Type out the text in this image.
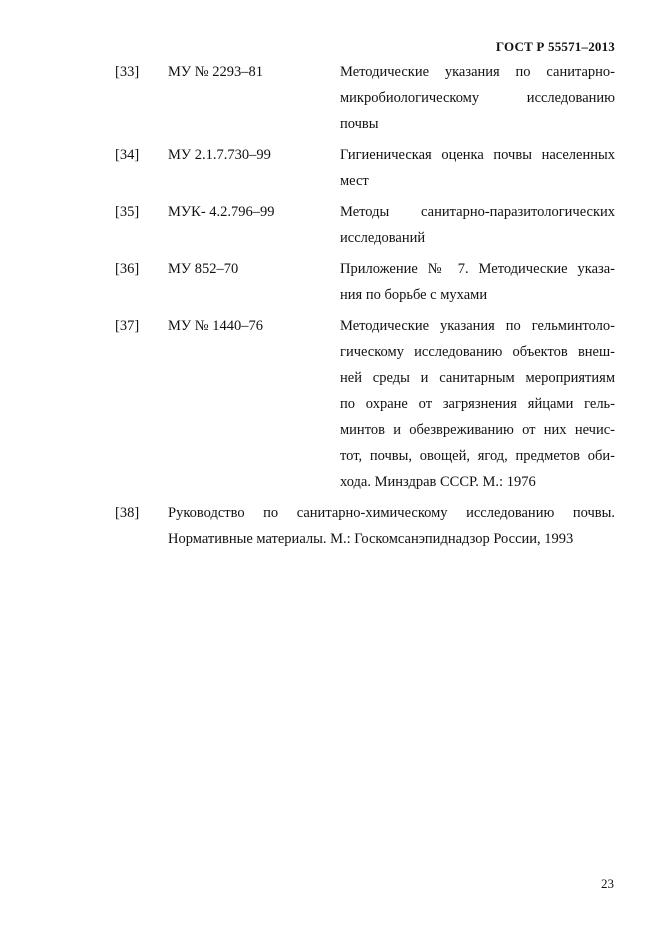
ГОСТ Р 55571–2013
[33]	МУ № 2293–81	Методические указания по санитарно-
микробиологическому исследованию
почвы
[34]	МУ 2.1.7.730–99	Гигиеническая оценка почвы населенных
мест
[35]	МУК- 4.2.796–99	Методы санитарно-паразитологических
исследований
[36]	МУ 852–70	Приложение № 7. Методические указа-
ния по борьбе с мухами
[37]	МУ № 1440–76	Методические указания по гельминтоло-
гическому исследованию объектов внеш-
ней среды и санитарным мероприятиям
по охране от загрязнения яйцами гель-
минтов и обезвреживанию от них нечис-
тот, почвы, овощей, ягод, предметов оби-
хода. Минздрав СССР. М.: 1976
[38]	Руководство по санитарно-химическому исследованию почвы.
Нормативные материалы. М.: Госкомсанэпиднадзор России, 1993
23
